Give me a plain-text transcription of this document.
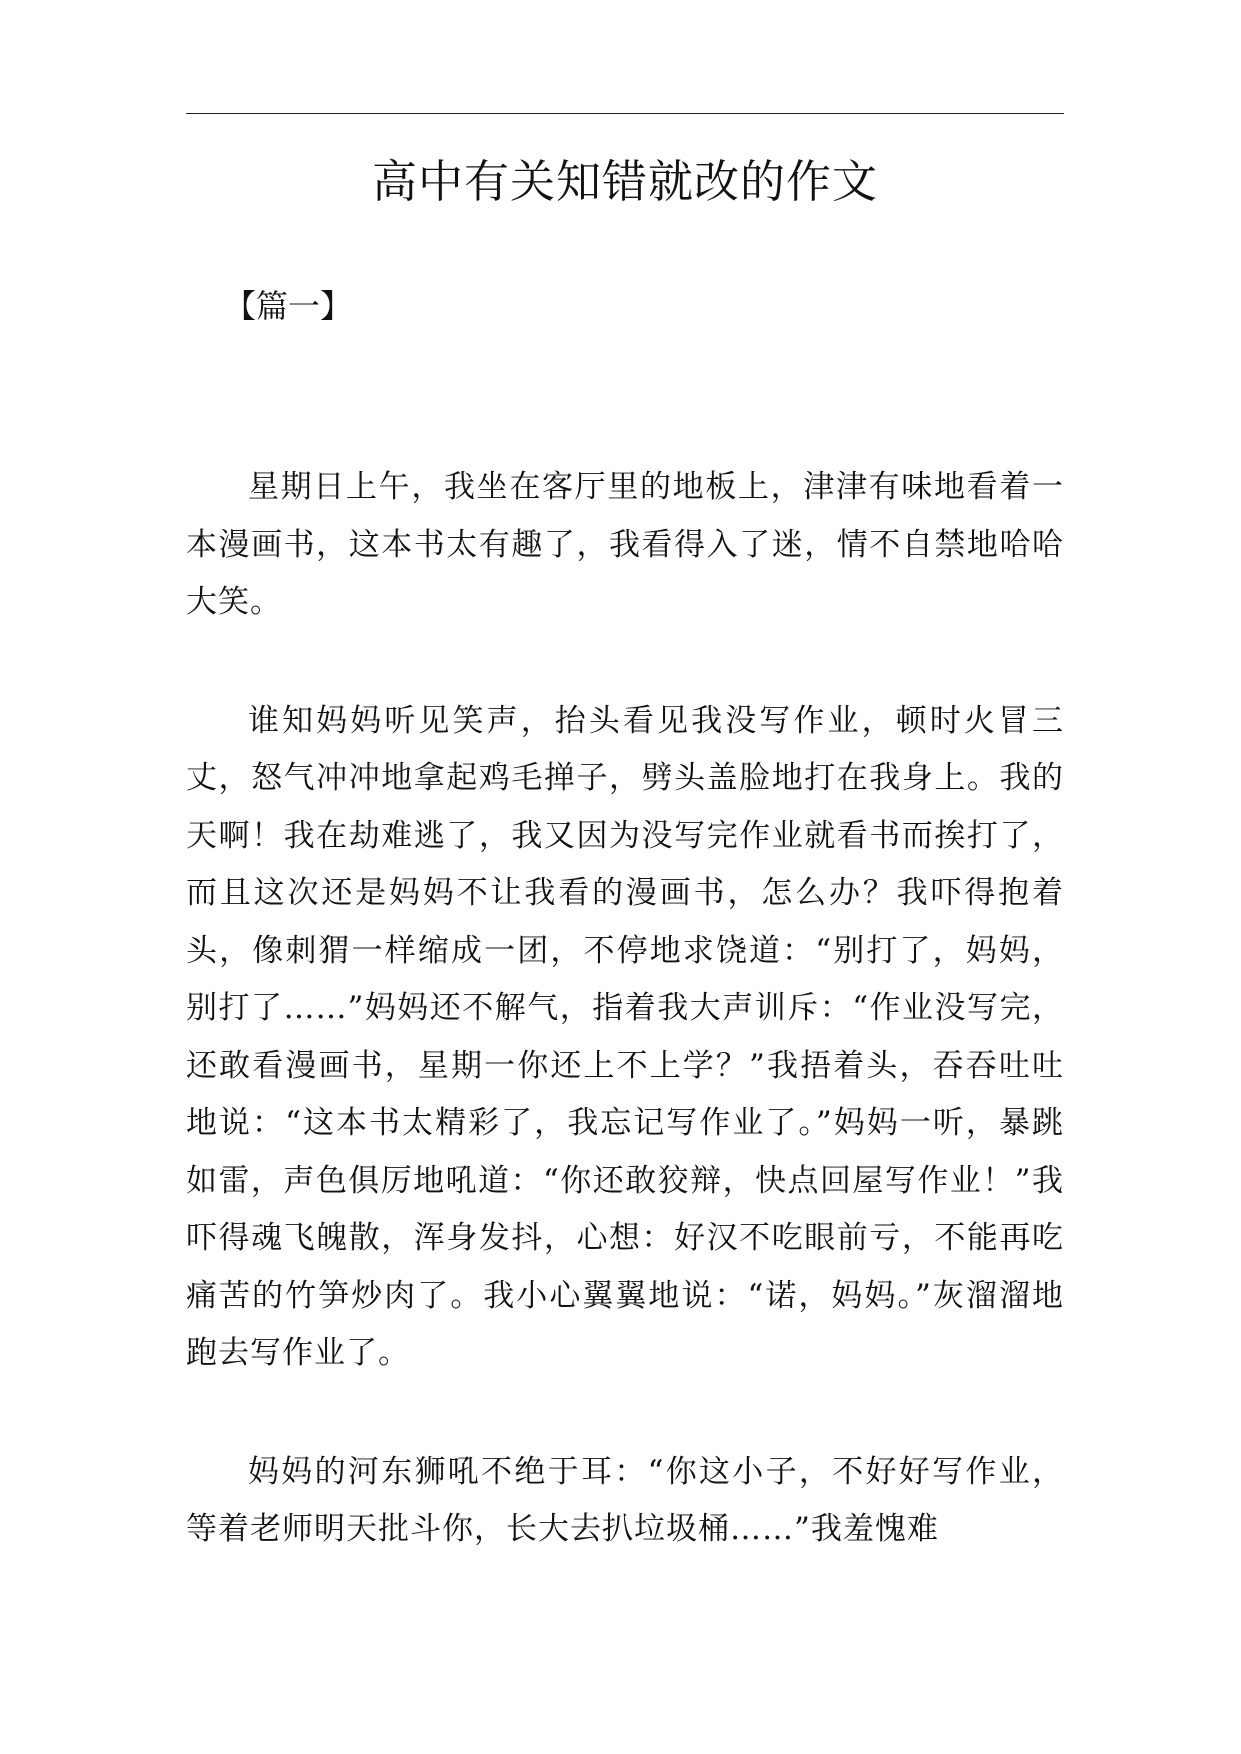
高中有关知错就改的作文
【篇一】

星期日上午，我坐在客厅里的地板上，津津有味地看着一本漫画书，这本书太有趣了，我看得入了迷，情不自禁地哈哈大笑。

谁知妈妈听见笑声，抬头看见我没写作业，顿时火冒三丈，怒气冲冲地拿起鸡毛掸子，劈头盖脸地打在我身上。我的天啊！我在劫难逃了，我又因为没写完作业就看书而挨打了，而且这次还是妈妈不让我看的漫画书，怎么办？我吓得抱着头，像刺猬一样缩成一团，不停地求饶道：“别打了，妈妈，别打了……”妈妈还不解气，指着我大声训斥：“作业没写完，还敢看漫画书，星期一你还上不上学？”我捂着头，吞吞吐吐地说：“这本书太精彩了，我忘记写作业了。”妈妈一听，暴跳如雷，声色俱厉地吼道：“你还敢狡辩，快点回屋写作业！”我吓得魂飞魄散，浑身发抖，心想：好汉不吃眼前亏，不能再吃痛苦的竹笋炒肉了。我小心翼翼地说：“诺，妈妈。”灰溜溜地跑去写作业了。

妈妈的河东狮吼不绝于耳：“你这小子，不好好写作业，等着老师明天批斗你，长大去扒垃圾桶……”我羞愧难
